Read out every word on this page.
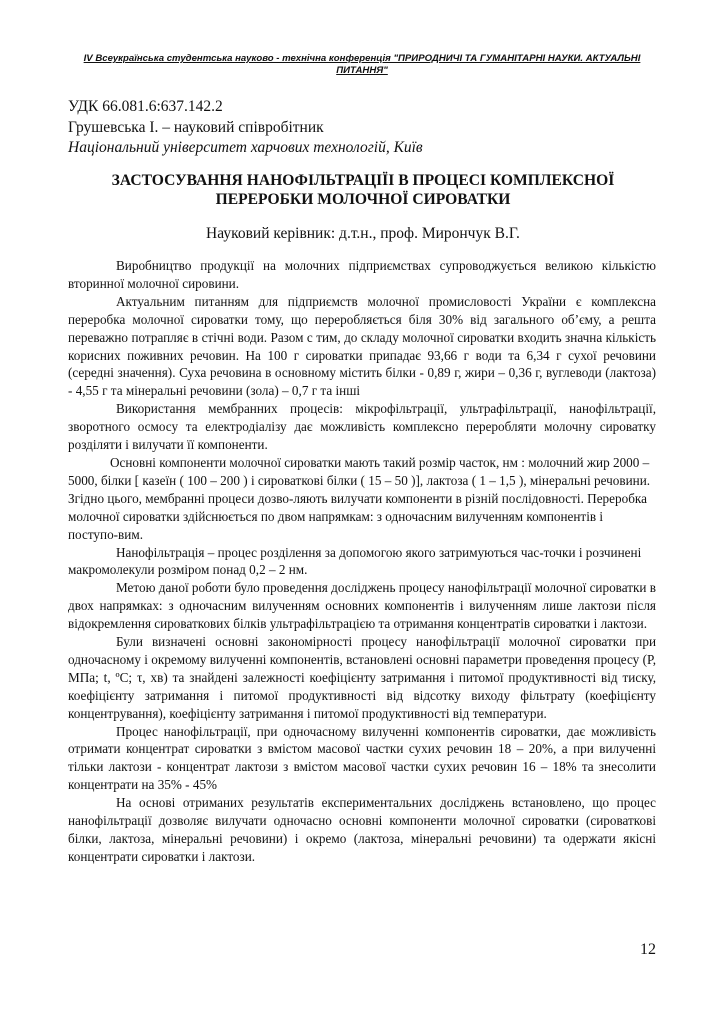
IV Всеукраїнська студентська науково - технічна конференція "ПРИРОДНИЧІ ТА ГУМАНІТАРНІ НАУКИ. АКТУАЛЬНІ ПИТАННЯ"

УДК 66.081.6:637.142.2
Грушевська І. – науковий співробітник
Національний університет харчових технологій, Київ
ЗАСТОСУВАННЯ НАНОФІЛЬТРАЦІЇІ В ПРОЦЕСІ КОМПЛЕКСНОЇ ПЕРЕРОБКИ МОЛОЧНОЇ СИРОВАТКИ

Науковий керівник: д.т.н., проф. Мирончук В.Г.

Виробництво продукції на молочних підприємствах супроводжується великою кількістю вторинної молочної сировини.

Актуальним питанням для підприємств молочної промисловості України є комплексна переробка молочної сироватки тому, що переробляється біля 30% від загального об’єму, а решта переважно потрапляє в стічні води. Разом с тим, до складу молочної сироватки входить значна кількість корисних поживних речовин. На 100 г сироватки припадає 93,66 г води та 6,34 г сухої речовини (середні значення). Суха речовина в основному містить білки - 0,89 г, жири – 0,36 г, вуглеводи (лактоза) - 4,55 г та мінеральні речовини (зола) – 0,7 г та інші

Використання мембранних процесів: мікрофільтрації, ультрафільтрації, нанофільтрації, зворотного осмосу та електродіалізу дає можливість комплексно переробляти молочну сироватку розділяти і вилучати її компоненти.

Основні компоненти молочної сироватки мають такий розмір часток, нм : молочний жир 2000 – 5000, білки [ казеїн ( 100 – 200 ) і сироваткові білки ( 15 – 50 )], лактоза ( 1 – 1,5 ), мінеральні речовини. Згідно цього, мембранні процеси дозво-ляють вилучати компоненти в різній послідовності. Переробка молочної сироватки здійснюється по двом напрямкам: з одночасним вилученням компонентів і поступо-вим.

Нанофільтрація – процес розділення за допомогою якого затримуються час-точки і розчинені макромолекули розміром понад 0,2 – 2 нм.

Метою даної роботи було проведення досліджень процесу нанофільтрації молочної сироватки в двох напрямках: з одночасним вилученням основних компонентів і вилученням лише лактози після відокремлення сироваткових білків ультрафільтрацією та отримання концентратів сироватки і лактози.

Були визначені основні закономірності процесу нанофільтрації молочної сироватки при одночасному і окремому вилученні компонентів, встановлені основні параметри проведення процесу (Р, МПа; t, ºC; τ, хв) та знайдені залежності коефіцієнту затримання і питомої продуктивності від тиску, коефіцієнту затримання і питомої продуктивності від відсотку виходу фільтрату (коефіцієнту концентрування), коефіцієнту затримання і питомої продуктивності від температури.

Процес нанофільтрації, при одночасному вилученні компонентів сироватки, дає можливість отримати концентрат сироватки з вмістом масової частки сухих речовин 18 – 20%, а при вилученні тільки лактози - концентрат лактози з вмістом масової частки сухих речовин 16 – 18% та знесолити концентрати на 35% - 45%

На основі отриманих результатів експериментальних досліджень встановлено, що процес нанофільтрації дозволяє вилучати одночасно основні компоненти молочної сироватки (сироваткові білки, лактоза, мінеральні речовини) і окремо (лактоза, мінеральні речовини) та одержати якісні концентрати сироватки і лактози.

12
